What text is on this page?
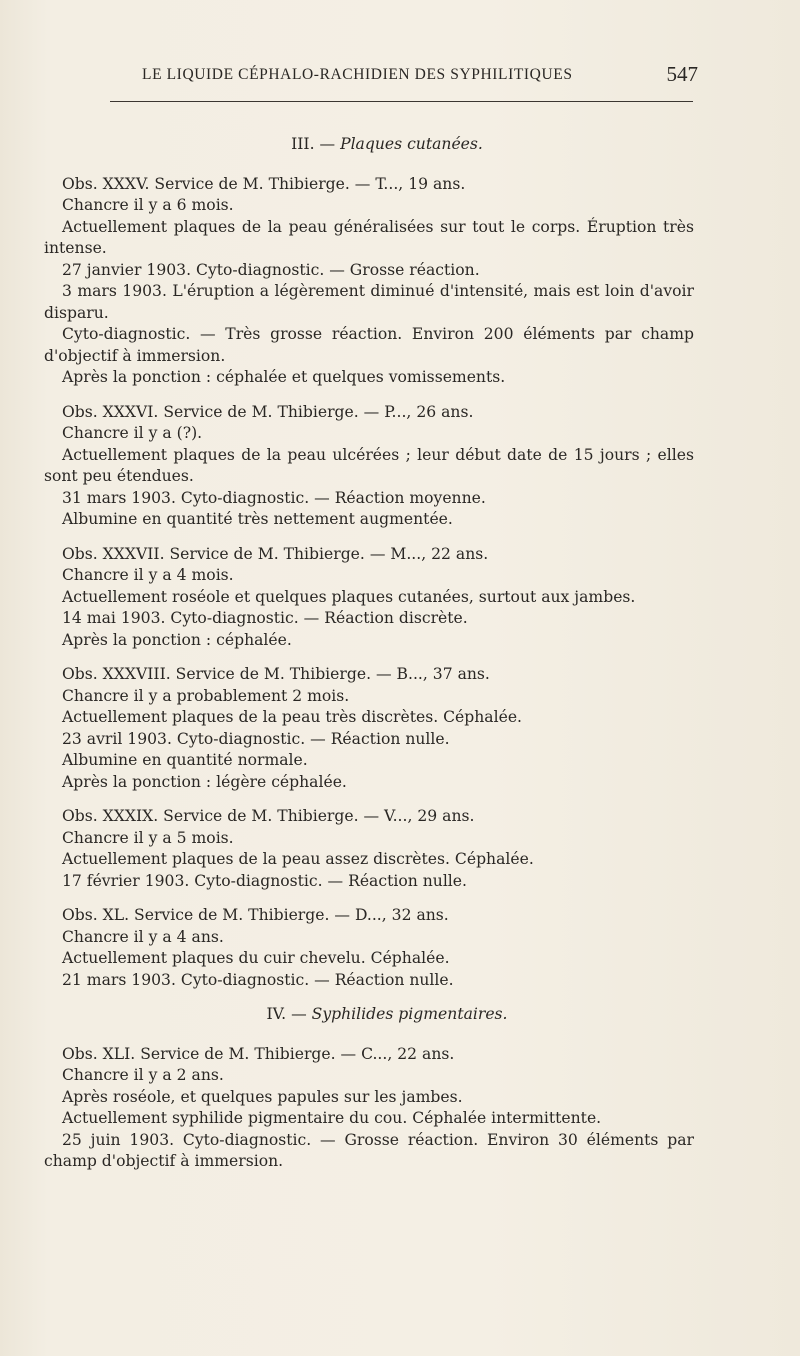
LE LIQUIDE CÉPHALO-RACHIDIEN DES SYPHILITIQUES	547
III. — Plaques cutanées.

Obs. XXXV. Service de M. Thibierge. — T..., 19 ans.

Chancre il y a 6 mois.

Actuellement plaques de la peau généralisées sur tout le corps. Éruption très intense.

27 janvier 1903. Cyto-diagnostic. — Grosse réaction.

3 mars 1903. L'éruption a légèrement diminué d'intensité, mais est loin d'avoir disparu.

Cyto-diagnostic. — Très grosse réaction. Environ 200 éléments par champ d'objectif à immersion.

Après la ponction : céphalée et quelques vomissements.

Obs. XXXVI. Service de M. Thibierge. — P..., 26 ans.

Chancre il y a (?).

Actuellement plaques de la peau ulcérées ; leur début date de 15 jours ; elles sont peu étendues.

31 mars 1903. Cyto-diagnostic. — Réaction moyenne.

Albumine en quantité très nettement augmentée.

Obs. XXXVII. Service de M. Thibierge. — M..., 22 ans.

Chancre il y a 4 mois.

Actuellement roséole et quelques plaques cutanées, surtout aux jambes.

14 mai 1903. Cyto-diagnostic. — Réaction discrète.

Après la ponction : céphalée.

Obs. XXXVIII. Service de M. Thibierge. — B..., 37 ans.

Chancre il y a probablement 2 mois.

Actuellement plaques de la peau très discrètes. Céphalée.

23 avril 1903. Cyto-diagnostic. — Réaction nulle.

Albumine en quantité normale.

Après la ponction : légère céphalée.

Obs. XXXIX. Service de M. Thibierge. — V..., 29 ans.

Chancre il y a 5 mois.

Actuellement plaques de la peau assez discrètes. Céphalée.

17 février 1903. Cyto-diagnostic. — Réaction nulle.

Obs. XL. Service de M. Thibierge. — D..., 32 ans.

Chancre il y a 4 ans.

Actuellement plaques du cuir chevelu. Céphalée.

21 mars 1903. Cyto-diagnostic. — Réaction nulle.

IV. — Syphilides pigmentaires.

Obs. XLI. Service de M. Thibierge. — C..., 22 ans.

Chancre il y a 2 ans.

Après roséole, et quelques papules sur les jambes.

Actuellement syphilide pigmentaire du cou. Céphalée intermittente.

25 juin 1903. Cyto-diagnostic. — Grosse réaction. Environ 30 éléments par champ d'objectif à immersion.
